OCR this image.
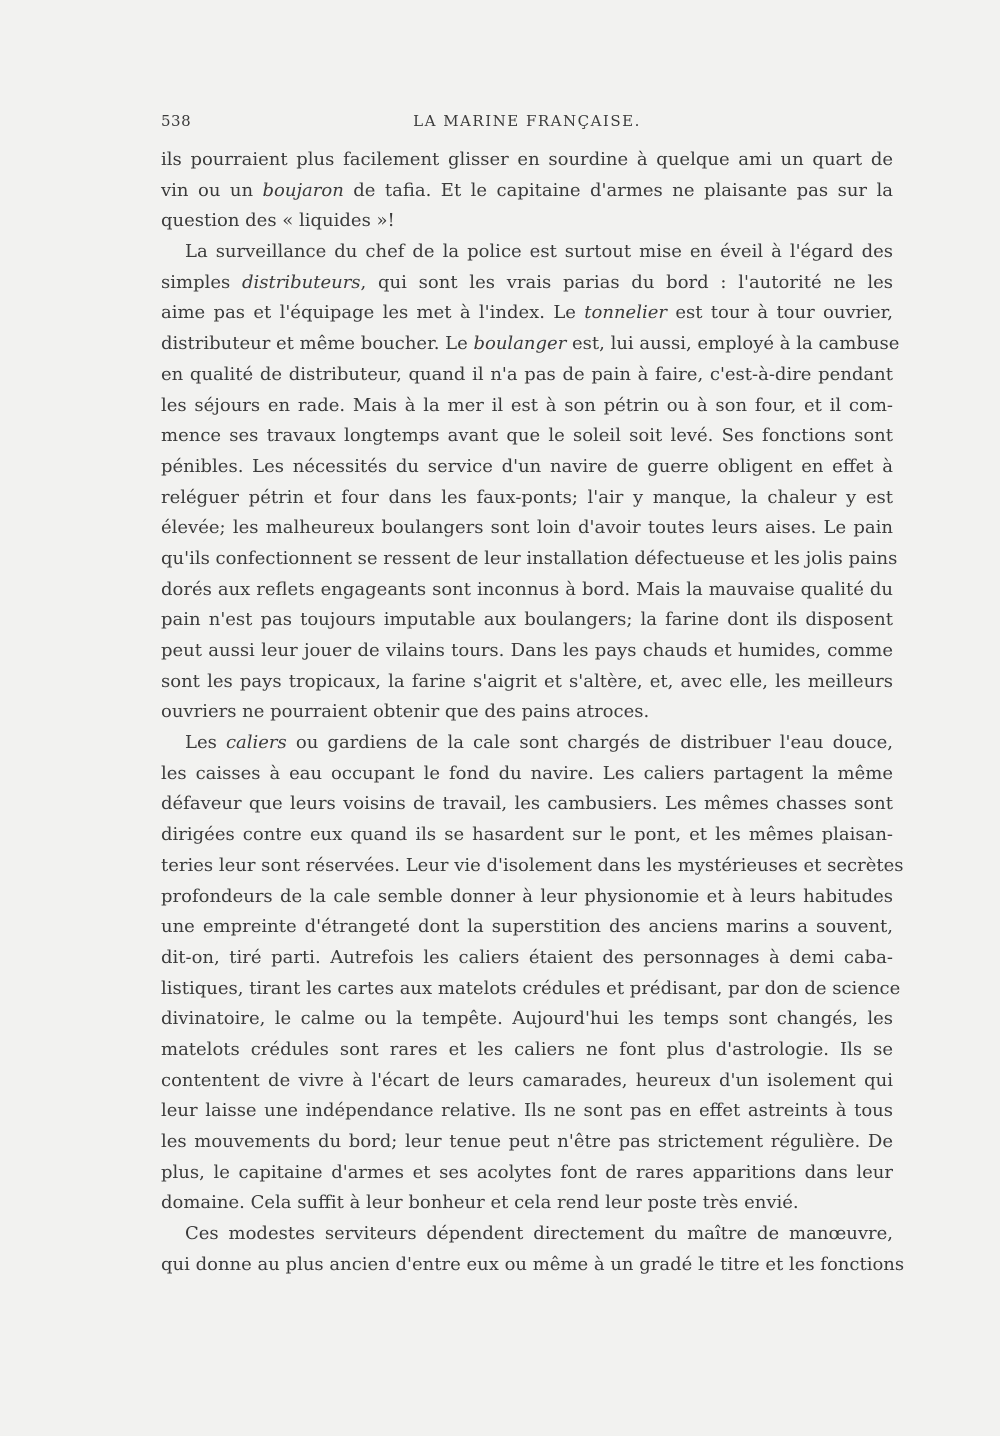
538	LA MARINE FRANÇAISE.
ils pourraient plus facilement glisser en sourdine à quelque ami un quart de
vin ou un boujaron de tafia. Et le capitaine d'armes ne plaisante pas sur la
question des « liquides »!
La surveillance du chef de la police est surtout mise en éveil à l'égard des
simples distributeurs, qui sont les vrais parias du bord : l'autorité ne les
aime pas et l'équipage les met à l'index. Le tonnelier est tour à tour ouvrier,
distributeur et même boucher. Le boulanger est, lui aussi, employé à la cambuse
en qualité de distributeur, quand il n'a pas de pain à faire, c'est-à-dire pendant
les séjours en rade. Mais à la mer il est à son pétrin ou à son four, et il com-
mence ses travaux longtemps avant que le soleil soit levé. Ses fonctions sont
pénibles. Les nécessités du service d'un navire de guerre obligent en effet à
reléguer pétrin et four dans les faux-ponts; l'air y manque, la chaleur y est
élevée; les malheureux boulangers sont loin d'avoir toutes leurs aises. Le pain
qu'ils confectionnent se ressent de leur installation défectueuse et les jolis pains
dorés aux reflets engageants sont inconnus à bord. Mais la mauvaise qualité du
pain n'est pas toujours imputable aux boulangers; la farine dont ils disposent
peut aussi leur jouer de vilains tours. Dans les pays chauds et humides, comme
sont les pays tropicaux, la farine s'aigrit et s'altère, et, avec elle, les meilleurs
ouvriers ne pourraient obtenir que des pains atroces.
Les caliers ou gardiens de la cale sont chargés de distribuer l'eau douce,
les caisses à eau occupant le fond du navire. Les caliers partagent la même
défaveur que leurs voisins de travail, les cambusiers. Les mêmes chasses sont
dirigées contre eux quand ils se hasardent sur le pont, et les mêmes plaisan-
teries leur sont réservées. Leur vie d'isolement dans les mystérieuses et secrètes
profondeurs de la cale semble donner à leur physionomie et à leurs habitudes
une empreinte d'étrangeté dont la superstition des anciens marins a souvent,
dit-on, tiré parti. Autrefois les caliers étaient des personnages à demi caba-
listiques, tirant les cartes aux matelots crédules et prédisant, par don de science
divinatoire, le calme ou la tempête. Aujourd'hui les temps sont changés, les
matelots crédules sont rares et les caliers ne font plus d'astrologie. Ils se
contentent de vivre à l'écart de leurs camarades, heureux d'un isolement qui
leur laisse une indépendance relative. Ils ne sont pas en effet astreints à tous
les mouvements du bord; leur tenue peut n'être pas strictement régulière. De
plus, le capitaine d'armes et ses acolytes font de rares apparitions dans leur
domaine. Cela suffit à leur bonheur et cela rend leur poste très envié.
Ces modestes serviteurs dépendent directement du maître de manœuvre,
qui donne au plus ancien d'entre eux ou même à un gradé le titre et les fonctions
